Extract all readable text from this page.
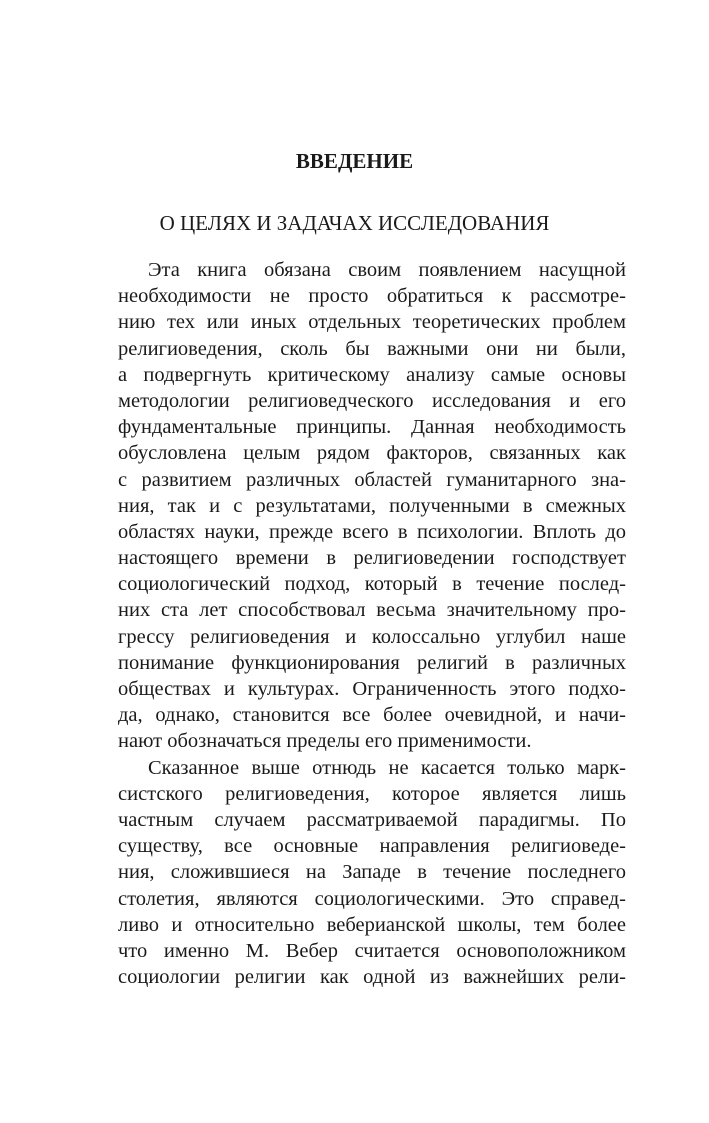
ВВЕДЕНИЕ
О ЦЕЛЯХ И ЗАДАЧАХ ИССЛЕДОВАНИЯ
Эта книга обязана своим появлением насущной
необходимости не просто обратиться к рассмотре-
нию тех или иных отдельных теоретических проблем
религиоведения, сколь бы важными они ни были,
а подвергнуть критическому анализу самые основы
методологии религиоведческого исследования и его
фундаментальные принципы. Данная необходимость
обусловлена целым рядом факторов, связанных как
с развитием различных областей гуманитарного зна-
ния, так и с результатами, полученными в смежных
областях науки, прежде всего в психологии. Вплоть до
настоящего времени в религиоведении господствует
социологический подход, который в течение послед-
них ста лет способствовал весьма значительному про-
грессу религиоведения и колоссально углубил наше
понимание функционирования религий в различных
обществах и культурах. Ограниченность этого подхо-
да, однако, становится все более очевидной, и начи-
нают обозначаться пределы его применимости.
Сказанное выше отнюдь не касается только марк-
систского религиоведения, которое является лишь
частным случаем рассматриваемой парадигмы. По
существу, все основные направления религиоведе-
ния, сложившиеся на Западе в течение последнего
столетия, являются социологическими. Это справед-
ливо и относительно веберианской школы, тем более
что именно М. Вебер считается основоположником
социологии религии как одной из важнейших рели-
